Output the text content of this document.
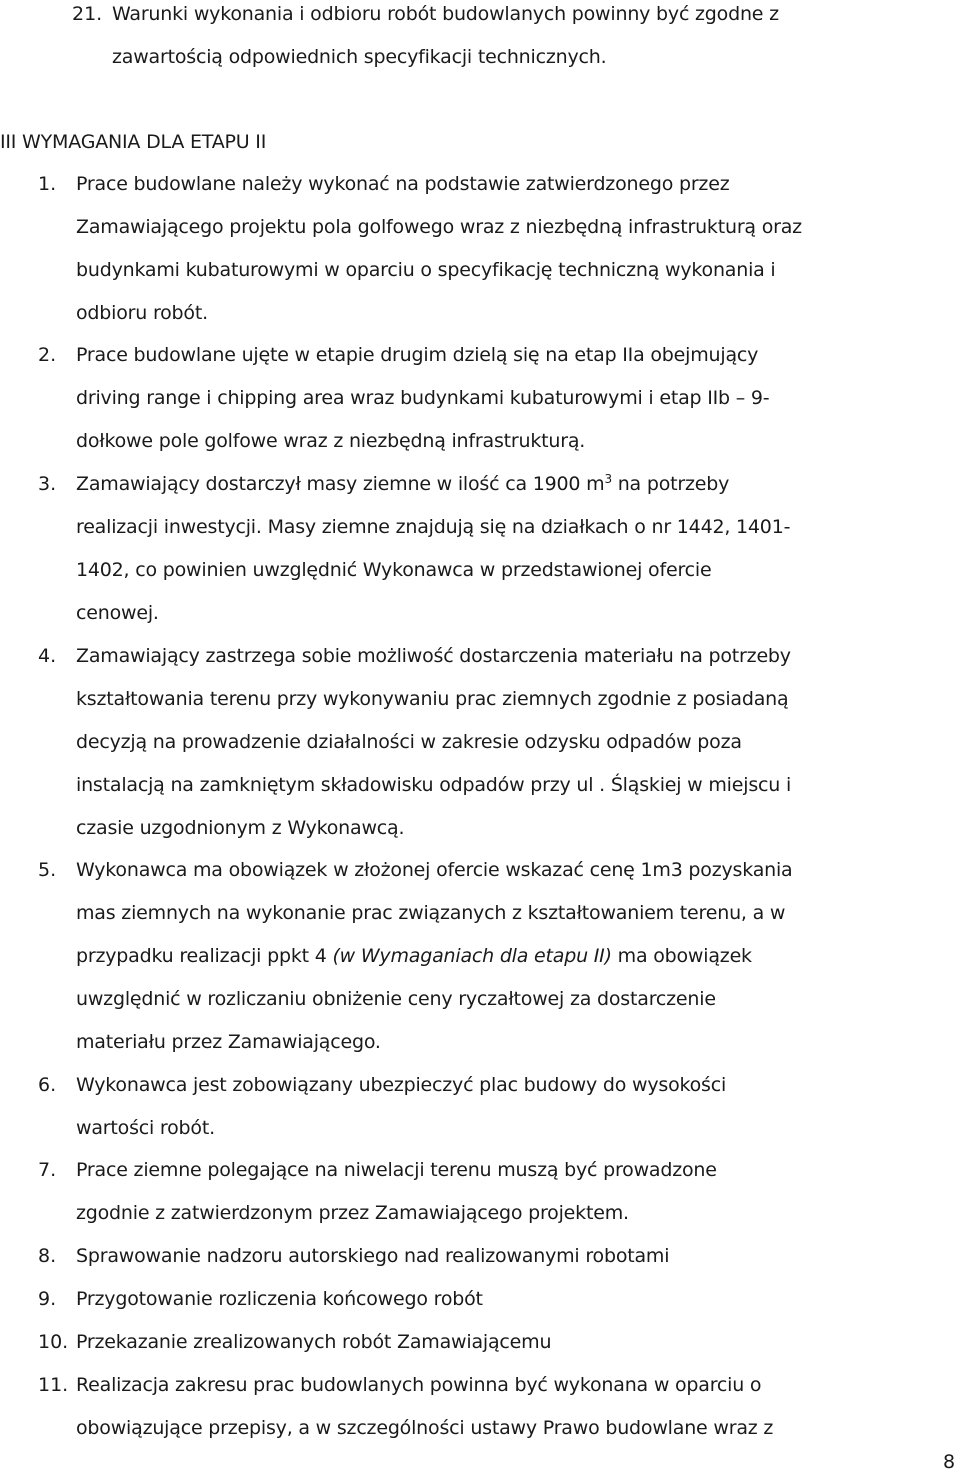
21. Warunki wykonania i odbioru robót budowlanych powinny być zgodne z
zawartością odpowiednich specyfikacji technicznych.
III WYMAGANIA DLA ETAPU II
1. Prace budowlane należy wykonać na podstawie zatwierdzonego przez
Zamawiającego projektu pola golfowego wraz z niezbędną infrastrukturą oraz
budynkami kubaturowymi w oparciu o specyfikację techniczną wykonania i
odbioru robót.
2. Prace budowlane ujęte w etapie drugim dzielą się na etap IIa obejmujący
driving range i chipping area wraz budynkami kubaturowymi i etap IIb – 9-
dołkowe pole golfowe wraz z niezbędną infrastrukturą.
3. Zamawiający dostarczył masy ziemne w ilość ca 1900 $m^3$ na potrzeby
realizacji inwestycji. Masy ziemne znajdują się na działkach o nr 1442, 1401-
1402, co powinien uwzględnić Wykonawca w przedstawionej ofercie
cenowej.
4. Zamawiający zastrzega sobie możliwość dostarczenia materiału na potrzeby
kształtowania terenu przy wykonywaniu prac ziemnych zgodnie z posiadaną
decyzją na prowadzenie działalności w zakresie odzysku odpadów poza
instalacją na zamkniętym składowisku odpadów przy ul . Śląskiej w miejscu i
czasie uzgodnionym z Wykonawcą.
5. Wykonawca ma obowiązek w złożonej ofercie wskazać cenę 1m3 pozyskania
mas ziemnych na wykonanie prac związanych z kształtowaniem terenu, a w
przypadku realizacji ppkt 4 (w Wymaganiach dla etapu II) ma obowiązek
uwzględnić w rozliczaniu obniżenie ceny ryczałtowej za dostarczenie
materiału przez Zamawiającego.
6. Wykonawca jest zobowiązany ubezpieczyć plac budowy do wysokości
wartości robót.
7. Prace ziemne polegające na niwelacji terenu muszą być prowadzone
zgodnie z zatwierdzonym przez Zamawiającego projektem.
8. Sprawowanie nadzoru autorskiego nad realizowanymi robotami
9. Przygotowanie rozliczenia końcowego robót
10. Przekazanie zrealizowanych robót Zamawiającemu
11. Realizacja zakresu prac budowlanych powinna być wykonana w oparciu o
obowiązujące przepisy, a w szczególności ustawy Prawo budowlane wraz z
8
